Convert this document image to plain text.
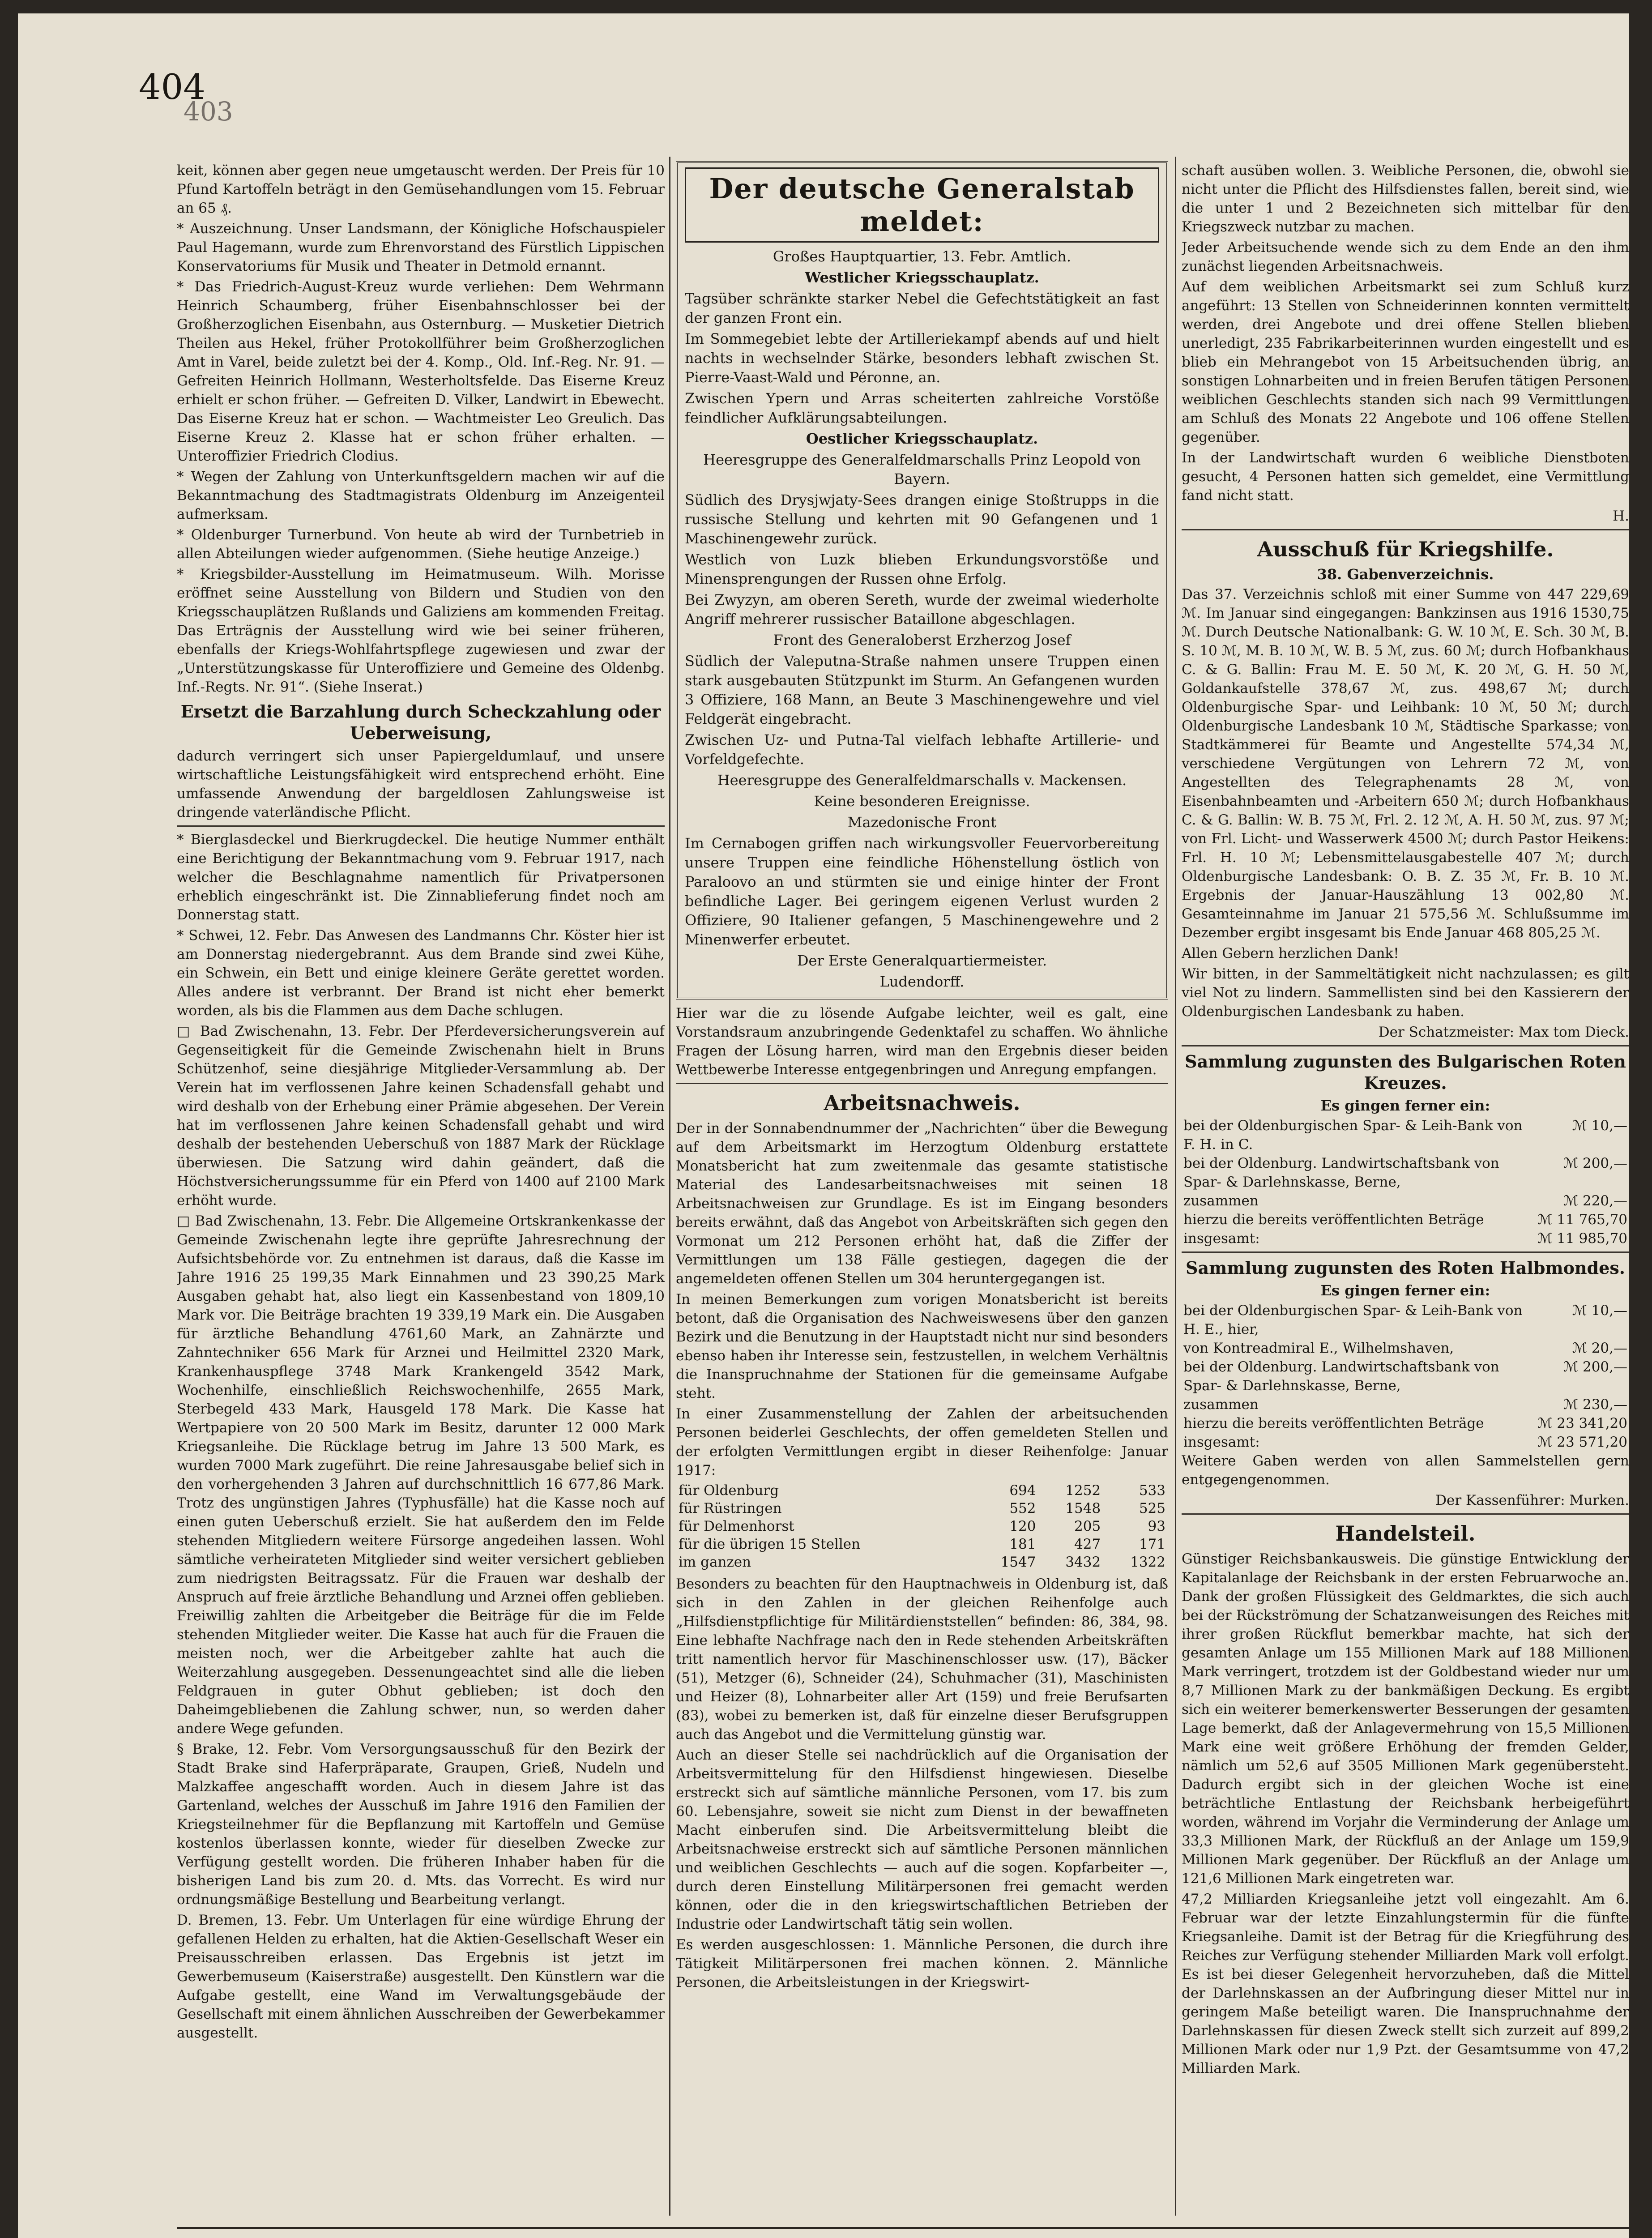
404
403

keit, können aber gegen neue umgetauscht werden. Der Preis für 10 Pfund Kartoffeln beträgt in den Gemüsehandlungen vom 15. Februar an 65 ₰.

* Auszeichnung. Unser Landsmann, der Königliche Hofschauspieler Paul Hagemann, wurde zum Ehrenvorstand des Fürstlich Lippischen Konservatoriums für Musik und Theater in Detmold ernannt.

* Das Friedrich-August-Kreuz wurde verliehen: Dem Wehrmann Heinrich Schaumberg, früher Eisenbahnschlosser bei der Großherzoglichen Eisenbahn, aus Osternburg. — Musketier Dietrich Theilen aus Hekel, früher Protokollführer beim Großherzoglichen Amt in Varel, beide zuletzt bei der 4. Komp., Old. Inf.-Reg. Nr. 91. — Gefreiten Heinrich Hollmann, Westerholtsfelde. Das Eiserne Kreuz erhielt er schon früher. — Gefreiten D. Vilker, Landwirt in Ebewecht. Das Eiserne Kreuz hat er schon. — Wachtmeister Leo Greulich. Das Eiserne Kreuz 2. Klasse hat er schon früher erhalten. — Unteroffizier Friedrich Clodius.

* Wegen der Zahlung von Unterkunftsgeldern machen wir auf die Bekanntmachung des Stadtmagistrats Oldenburg im Anzeigenteil aufmerksam.

* Oldenburger Turnerbund. Von heute ab wird der Turnbetrieb in allen Abteilungen wieder aufgenommen. (Siehe heutige Anzeige.)

* Kriegsbilder-Ausstellung im Heimatmuseum. Wilh. Morisse eröffnet seine Ausstellung von Bildern und Studien von den Kriegsschauplätzen Rußlands und Galiziens am kommenden Freitag. Das Erträgnis der Ausstellung wird wie bei seiner früheren, ebenfalls der Kriegs-Wohlfahrtspflege zugewiesen und zwar der „Unterstützungskasse für Unteroffiziere und Gemeine des Oldenbg. Inf.-Regts. Nr. 91“. (Siehe Inserat.)

Ersetzt die Barzahlung durch Scheckzahlung oder Ueberweisung,

dadurch verringert sich unser Papiergeldumlauf, und unsere wirtschaftliche Leistungsfähigkeit wird entsprechend erhöht. Eine umfassende Anwendung der bargeldlosen Zahlungsweise ist dringende vaterländische Pflicht.

* Bierglasdeckel und Bierkrugdeckel. Die heutige Nummer enthält eine Berichtigung der Bekanntmachung vom 9. Februar 1917, nach welcher die Beschlagnahme namentlich für Privatpersonen erheblich eingeschränkt ist. Die Zinnablieferung findet noch am Donnerstag statt.

* Schwei, 12. Febr. Das Anwesen des Landmanns Chr. Köster hier ist am Donnerstag niedergebrannt. Aus dem Brande sind zwei Kühe, ein Schwein, ein Bett und einige kleinere Geräte gerettet worden. Alles andere ist verbrannt. Der Brand ist nicht eher bemerkt worden, als bis die Flammen aus dem Dache schlugen.

□ Bad Zwischenahn, 13. Febr. Der Pferdeversicherungsverein auf Gegenseitigkeit für die Gemeinde Zwischenahn hielt in Bruns Schützenhof, seine diesjährige Mitglieder-Versammlung ab. Der Verein hat im verflossenen Jahre keinen Schadensfall gehabt und wird deshalb von der Erhebung einer Prämie abgesehen. Der Verein hat im verflossenen Jahre keinen Schadensfall gehabt und wird deshalb der bestehenden Ueberschuß von 1887 Mark der Rücklage überwiesen. Die Satzung wird dahin geändert, daß die Höchstversicherungssumme für ein Pferd von 1400 auf 2100 Mark erhöht wurde.

□ Bad Zwischenahn, 13. Febr. Die Allgemeine Ortskrankenkasse der Gemeinde Zwischenahn legte ihre geprüfte Jahresrechnung der Aufsichtsbehörde vor. Zu entnehmen ist daraus, daß die Kasse im Jahre 1916 25 199,35 Mark Einnahmen und 23 390,25 Mark Ausgaben gehabt hat, also liegt ein Kassenbestand von 1809,10 Mark vor. Die Beiträge brachten 19 339,19 Mark ein. Die Ausgaben für ärztliche Behandlung 4761,60 Mark, an Zahnärzte und Zahntechniker 656 Mark für Arznei und Heilmittel 2320 Mark, Krankenhauspflege 3748 Mark Krankengeld 3542 Mark, Wochenhilfe, einschließlich Reichswochenhilfe, 2655 Mark, Sterbegeld 433 Mark, Hausgeld 178 Mark. Die Kasse hat Wertpapiere von 20 500 Mark im Besitz, darunter 12 000 Mark Kriegsanleihe. Die Rücklage betrug im Jahre 13 500 Mark, es wurden 7000 Mark zugeführt. Die reine Jahresausgabe belief sich in den vorhergehenden 3 Jahren auf durchschnittlich 16 677,86 Mark. Trotz des ungünstigen Jahres (Typhusfälle) hat die Kasse noch auf einen guten Ueberschuß erzielt. Sie hat außerdem den im Felde stehenden Mitgliedern weitere Fürsorge angedeihen lassen. Wohl sämtliche verheirateten Mitglieder sind weiter versichert geblieben zum niedrigsten Beitragssatz. Für die Frauen war deshalb der Anspruch auf freie ärztliche Behandlung und Arznei offen geblieben. Freiwillig zahlten die Arbeitgeber die Beiträge für die im Felde stehenden Mitglieder weiter. Die Kasse hat auch für die Frauen die meisten noch, wer die Arbeitgeber zahlte hat auch die Weiterzahlung ausgegeben. Dessenungeachtet sind alle die lieben Feldgrauen in guter Obhut geblieben; ist doch den Daheimgebliebenen die Zahlung schwer, nun, so werden daher andere Wege gefunden.

§ Brake, 12. Febr. Vom Versorgungsausschuß für den Bezirk der Stadt Brake sind Haferpräparate, Graupen, Grieß, Nudeln und Malzkaffee angeschafft worden. Auch in diesem Jahre ist das Gartenland, welches der Ausschuß im Jahre 1916 den Familien der Kriegsteilnehmer für die Bepflanzung mit Kartoffeln und Gemüse kostenlos überlassen konnte, wieder für dieselben Zwecke zur Verfügung gestellt worden. Die früheren Inhaber haben für die bisherigen Land bis zum 20. d. Mts. das Vorrecht. Es wird nur ordnungsmäßige Bestellung und Bearbeitung verlangt.

D. Bremen, 13. Febr. Um Unterlagen für eine würdige Ehrung der gefallenen Helden zu erhalten, hat die Aktien-Gesellschaft Weser ein Preisausschreiben erlassen. Das Ergebnis ist jetzt im Gewerbemuseum (Kaiserstraße) ausgestellt. Den Künstlern war die Aufgabe gestellt, eine Wand im Verwaltungsgebäude der Gesellschaft mit einem ähnlichen Ausschreiben der Gewerbekammer ausgestellt.

Der deutsche Generalstab meldet:

Großes Hauptquartier, 13. Febr. Amtlich.

Westlicher Kriegsschauplatz.

Tagsüber schränkte starker Nebel die Gefechtstätigkeit an fast der ganzen Front ein.

Im Sommegebiet lebte der Artilleriekampf abends auf und hielt nachts in wechselnder Stärke, besonders lebhaft zwischen St. Pierre-Vaast-Wald und Péronne, an.

Zwischen Ypern und Arras scheiterten zahlreiche Vorstöße feindlicher Aufklärungsabteilungen.

Oestlicher Kriegsschauplatz.

Heeresgruppe des Generalfeldmarschalls Prinz Leopold von Bayern.

Südlich des Drysjwjaty-Sees drangen einige Stoßtrupps in die russische Stellung und kehrten mit 90 Gefangenen und 1 Maschinengewehr zurück.

Westlich von Luzk blieben Erkundungsvorstöße und Minensprengungen der Russen ohne Erfolg.

Bei Zwyzyn, am oberen Sereth, wurde der zweimal wiederholte Angriff mehrerer russischer Bataillone abgeschlagen.

Front des Generaloberst Erzherzog Josef

Südlich der Valeputna-Straße nahmen unsere Truppen einen stark ausgebauten Stützpunkt im Sturm. An Gefangenen wurden 3 Offiziere, 168 Mann, an Beute 3 Maschinengewehre und viel Feldgerät eingebracht.

Zwischen Uz- und Putna-Tal vielfach lebhafte Artillerie- und Vorfeldgefechte.

Heeresgruppe des Generalfeldmarschalls v. Mackensen.

Keine besonderen Ereignisse.

Mazedonische Front

Im Cernabogen griffen nach wirkungsvoller Feuervorbereitung unsere Truppen eine feindliche Höhenstellung östlich von Paraloovo an und stürmten sie und einige hinter der Front befindliche Lager. Bei geringem eigenen Verlust wurden 2 Offiziere, 90 Italiener gefangen, 5 Maschinengewehre und 2 Minenwerfer erbeutet.

Der Erste Generalquartiermeister.

Ludendorff.

Hier war die zu lösende Aufgabe leichter, weil es galt, eine Vorstandsraum anzubringende Gedenktafel zu schaffen. Wo ähnliche Fragen der Lösung harren, wird man den Ergebnis dieser beiden Wettbewerbe Interesse entgegenbringen und Anregung empfangen.

Arbeitsnachweis.

Der in der Sonnabendnummer der „Nachrichten“ über die Bewegung auf dem Arbeitsmarkt im Herzogtum Oldenburg erstattete Monatsbericht hat zum zweitenmale das gesamte statistische Material des Landesarbeitsnachweises mit seinen 18 Arbeitsnachweisen zur Grundlage. Es ist im Eingang besonders bereits erwähnt, daß das Angebot von Arbeitskräften sich gegen den Vormonat um 212 Personen erhöht hat, daß die Ziffer der Vermittlungen um 138 Fälle gestiegen, dagegen die der angemeldeten offenen Stellen um 304 heruntergegangen ist.

In meinen Bemerkungen zum vorigen Monatsbericht ist bereits betont, daß die Organisation des Nachweiswesens über den ganzen Bezirk und die Benutzung in der Hauptstadt nicht nur sind besonders ebenso haben ihr Interesse sein, festzustellen, in welchem Verhältnis die Inanspruchnahme der Stationen für die gemeinsame Aufgabe steht.

In einer Zusammenstellung der Zahlen der arbeitsuchenden Personen beiderlei Geschlechts, der offen gemeldeten Stellen und der erfolgten Vermittlungen ergibt in dieser Reihenfolge: Januar 1917:

für Oldenburg	694	1252	533
für Rüstringen	552	1548	525
für Delmenhorst	120	205	93
für die übrigen 15 Stellen	181	427	171
im ganzen	1547	3432	1322

Besonders zu beachten für den Hauptnachweis in Oldenburg ist, daß sich in den Zahlen in der gleichen Reihenfolge auch „Hilfsdienstpflichtige für Militärdienststellen“ befinden: 86, 384, 98. Eine lebhafte Nachfrage nach den in Rede stehenden Arbeitskräften tritt namentlich hervor für Maschinenschlosser usw. (17), Bäcker (51), Metzger (6), Schneider (24), Schuhmacher (31), Maschinisten und Heizer (8), Lohnarbeiter aller Art (159) und freie Berufsarten (83), wobei zu bemerken ist, daß für einzelne dieser Berufsgruppen auch das Angebot und die Vermittelung günstig war.

Auch an dieser Stelle sei nachdrücklich auf die Organisation der Arbeitsvermittelung für den Hilfsdienst hingewiesen. Dieselbe erstreckt sich auf sämtliche männliche Personen, vom 17. bis zum 60. Lebensjahre, soweit sie nicht zum Dienst in der bewaffneten Macht einberufen sind. Die Arbeitsvermittelung bleibt die Arbeitsnachweise erstreckt sich auf sämtliche Personen männlichen und weiblichen Geschlechts — auch auf die sogen. Kopfarbeiter —, durch deren Einstellung Militärpersonen frei gemacht werden können, oder die in den kriegswirtschaftlichen Betrieben der Industrie oder Landwirtschaft tätig sein wollen.

Es werden ausgeschlossen: 1. Männliche Personen, die durch ihre Tätigkeit Militärpersonen frei machen können. 2. Männliche Personen, die Arbeitsleistungen in der Kriegswirt-

schaft ausüben wollen. 3. Weibliche Personen, die, obwohl sie nicht unter die Pflicht des Hilfsdienstes fallen, bereit sind, wie die unter 1 und 2 Bezeichneten sich mittelbar für den Kriegszweck nutzbar zu machen.

Jeder Arbeitsuchende wende sich zu dem Ende an den ihm zunächst liegenden Arbeitsnachweis.

Auf dem weiblichen Arbeitsmarkt sei zum Schluß kurz angeführt: 13 Stellen von Schneiderinnen konnten vermittelt werden, drei Angebote und drei offene Stellen blieben unerledigt, 235 Fabrikarbeiterinnen wurden eingestellt und es blieb ein Mehrangebot von 15 Arbeitsuchenden übrig, an sonstigen Lohnarbeiten und in freien Berufen tätigen Personen weiblichen Geschlechts standen sich nach 99 Vermittlungen am Schluß des Monats 22 Angebote und 106 offene Stellen gegenüber.

In der Landwirtschaft wurden 6 weibliche Dienstboten gesucht, 4 Personen hatten sich gemeldet, eine Vermittlung fand nicht statt.

H.
Ausschuß für Kriegshilfe.
38. Gabenverzeichnis.

Das 37. Verzeichnis schloß mit einer Summe von 447 229,69 ℳ. Im Januar sind eingegangen: Bankzinsen aus 1916 1530,75 ℳ. Durch Deutsche Nationalbank: G. W. 10 ℳ, E. Sch. 30 ℳ, B. S. 10 ℳ, M. B. 10 ℳ, W. B. 5 ℳ, zus. 60 ℳ; durch Hofbankhaus C. & G. Ballin: Frau M. E. 50 ℳ, K. 20 ℳ, G. H. 50 ℳ, Goldankaufstelle 378,67 ℳ, zus. 498,67 ℳ; durch Oldenburgische Spar- und Leihbank: 10 ℳ, 50 ℳ; durch Oldenburgische Landesbank 10 ℳ, Städtische Sparkasse; von Stadtkämmerei für Beamte und Angestellte 574,34 ℳ, verschiedene Vergütungen von Lehrern 72 ℳ, von Angestellten des Telegraphenamts 28 ℳ, von Eisenbahnbeamten und -Arbeitern 650 ℳ; durch Hofbankhaus C. & G. Ballin: W. B. 75 ℳ, Frl. 2. 12 ℳ, A. H. 50 ℳ, zus. 97 ℳ; von Frl. Licht- und Wasserwerk 4500 ℳ; durch Pastor Heikens: Frl. H. 10 ℳ; Lebensmittelausgabestelle 407 ℳ; durch Oldenburgische Landesbank: O. B. Z. 35 ℳ, Fr. B. 10 ℳ. Ergebnis der Januar-Hauszählung 13 002,80 ℳ. Gesamteinnahme im Januar 21 575,56 ℳ. Schlußsumme im Dezember ergibt insgesamt bis Ende Januar 468 805,25 ℳ.

Allen Gebern herzlichen Dank!

Wir bitten, in der Sammeltätigkeit nicht nachzulassen; es gilt viel Not zu lindern. Sammellisten sind bei den Kassierern der Oldenburgischen Landesbank zu haben.

Der Schatzmeister: Max tom Dieck.
Sammlung zugunsten des Bulgarischen Roten Kreuzes.
Es gingen ferner ein:
bei der Oldenburgischen Spar- & Leih-Bank von F. H. in C.	ℳ 10,—
bei der Oldenburg. Landwirtschaftsbank von Spar- & Darlehnskasse, Berne,	ℳ 200,—
zusammen	ℳ 220,—
hierzu die bereits veröffentlichten Beträge	ℳ 11 765,70
insgesamt:	ℳ 11 985,70
Sammlung zugunsten des Roten Halbmondes.
Es gingen ferner ein:
bei der Oldenburgischen Spar- & Leih-Bank von H. E., hier,	ℳ 10,—
von Kontreadmiral E., Wilhelmshaven,	ℳ 20,—
bei der Oldenburg. Landwirtschaftsbank von Spar- & Darlehnskasse, Berne,	ℳ 200,—
zusammen	ℳ 230,—
hierzu die bereits veröffentlichten Beträge	ℳ 23 341,20
insgesamt:	ℳ 23 571,20

Weitere Gaben werden von allen Sammelstellen gern entgegengenommen.

Der Kassenführer: Murken.
Handelsteil.

Günstiger Reichsbankausweis. Die günstige Entwicklung der Kapitalanlage der Reichsbank in der ersten Februarwoche an. Dank der großen Flüssigkeit des Geldmarktes, die sich auch bei der Rückströmung der Schatzanweisungen des Reiches mit ihrer großen Rückflut bemerkbar machte, hat sich der gesamten Anlage um 155 Millionen Mark auf 188 Millionen Mark verringert, trotzdem ist der Goldbestand wieder nur um 8,7 Millionen Mark zu der bankmäßigen Deckung. Es ergibt sich ein weiterer bemerkenswerter Besserungen der gesamten Lage bemerkt, daß der Anlagevermehrung von 15,5 Millionen Mark eine weit größere Erhöhung der fremden Gelder, nämlich um 52,6 auf 3505 Millionen Mark gegenübersteht. Dadurch ergibt sich in der gleichen Woche ist eine beträchtliche Entlastung der Reichsbank herbeigeführt worden, während im Vorjahr die Verminderung der Anlage um 33,3 Millionen Mark, der Rückfluß an der Anlage um 159,9 Millionen Mark gegenüber. Der Rückfluß an der Anlage um 121,6 Millionen Mark eingetreten war.

47,2 Milliarden Kriegsanleihe jetzt voll eingezahlt. Am 6. Februar war der letzte Einzahlungstermin für die fünfte Kriegsanleihe. Damit ist der Betrag für die Kriegführung des Reiches zur Verfügung stehender Milliarden Mark voll erfolgt. Es ist bei dieser Gelegenheit hervorzuheben, daß die Mittel der Darlehnskassen an der Aufbringung dieser Mittel nur in geringem Maße beteiligt waren. Die Inanspruchnahme der Darlehnskassen für diesen Zweck stellt sich zurzeit auf 899,2 Millionen Mark oder nur 1,9 Pzt. der Gesamtsumme von 47,2 Milliarden Mark.
